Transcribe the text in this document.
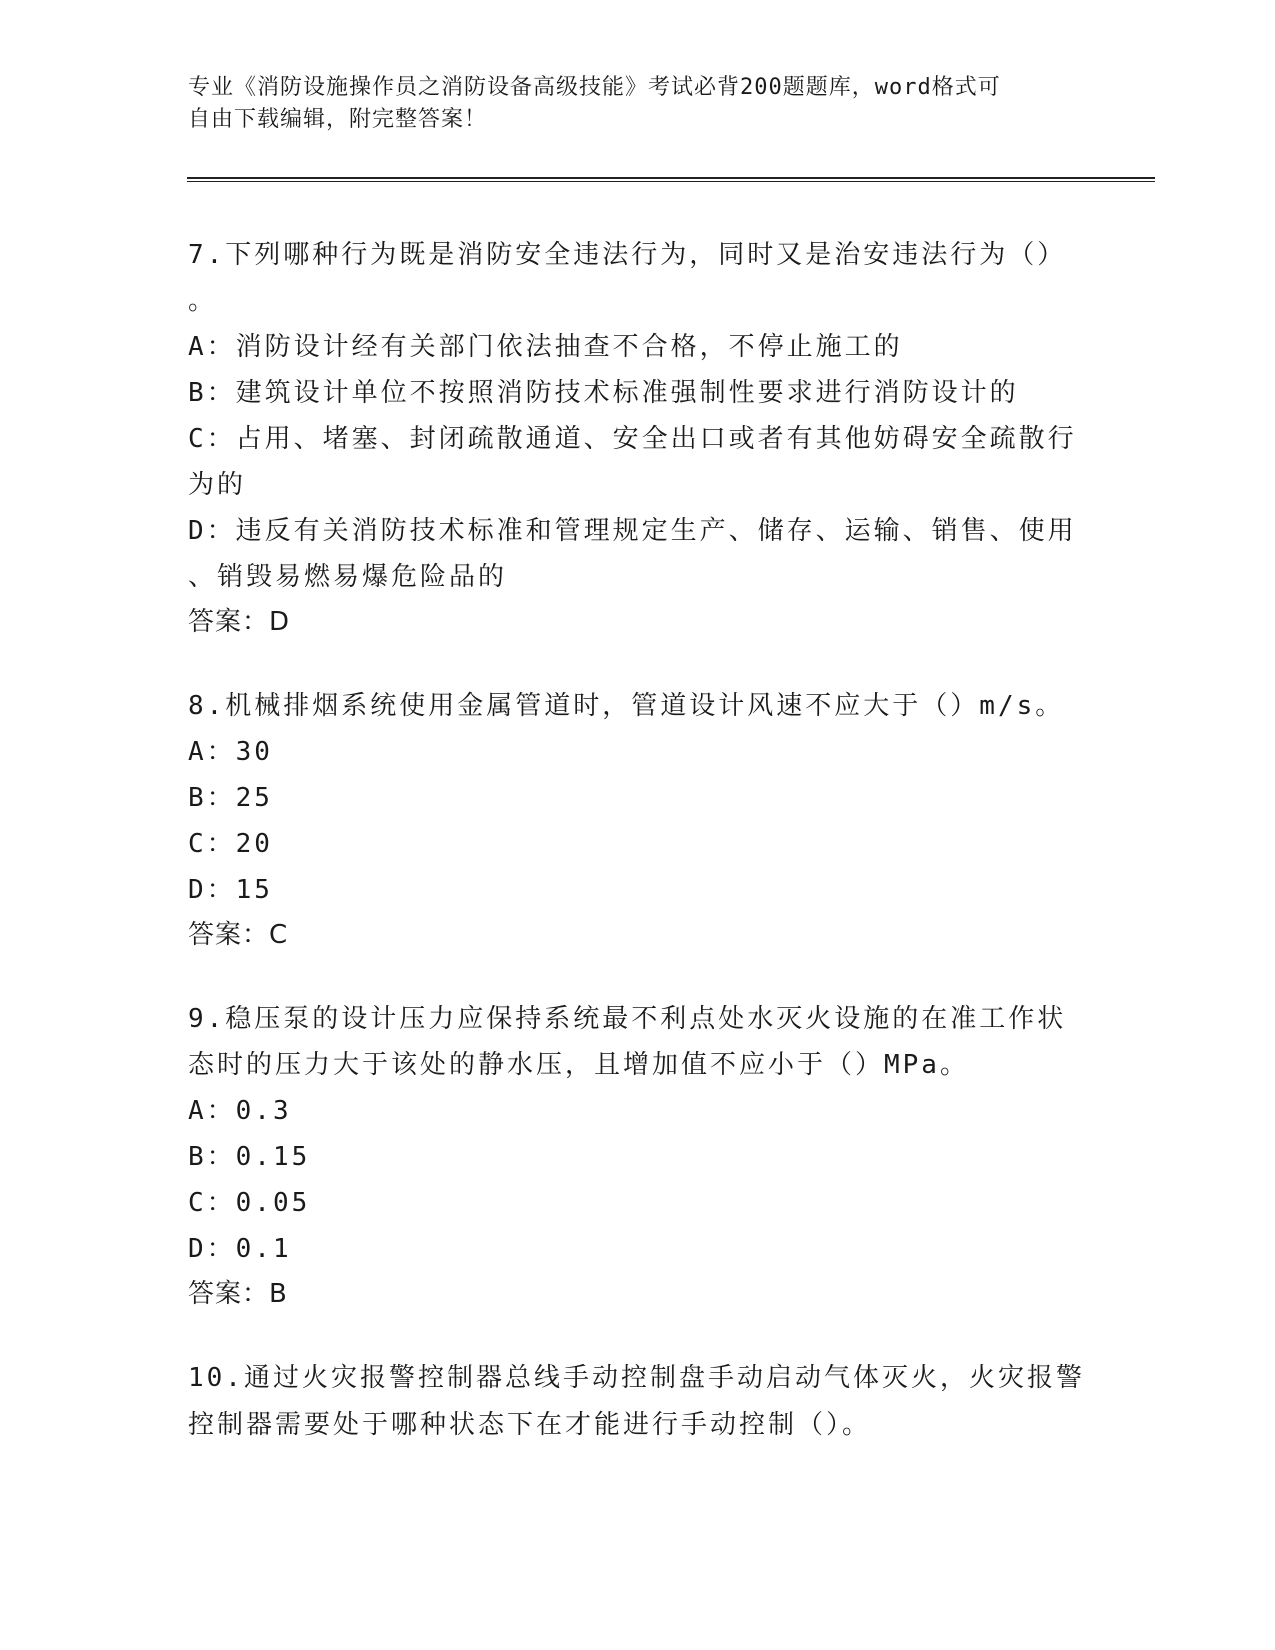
专业《消防设施操作员之消防设备高级技能》考试必背200题题库，word格式可
自由下载编辑，附完整答案！
7.下列哪种行为既是消防安全违法行为，同时又是治安违法行为（）
。
A：消防设计经有关部门依法抽查不合格，不停止施工的
B：建筑设计单位不按照消防技术标准强制性要求进行消防设计的
C：占用、堵塞、封闭疏散通道、安全出口或者有其他妨碍安全疏散行
为的
D：违反有关消防技术标准和管理规定生产、储存、运输、销售、使用
、销毁易燃易爆危险品的
答案：D
8.机械排烟系统使用金属管道时，管道设计风速不应大于（）m/s。
A：30
B：25
C：20
D：15
答案：C
9.稳压泵的设计压力应保持系统最不利点处水灭火设施的在准工作状
态时的压力大于该处的静水压，且增加值不应小于（）MPa。
A：0.3
B：0.15
C：0.05
D：0.1
答案：B
10.通过火灾报警控制器总线手动控制盘手动启动气体灭火，火灾报警
控制器需要处于哪种状态下在才能进行手动控制（）。
